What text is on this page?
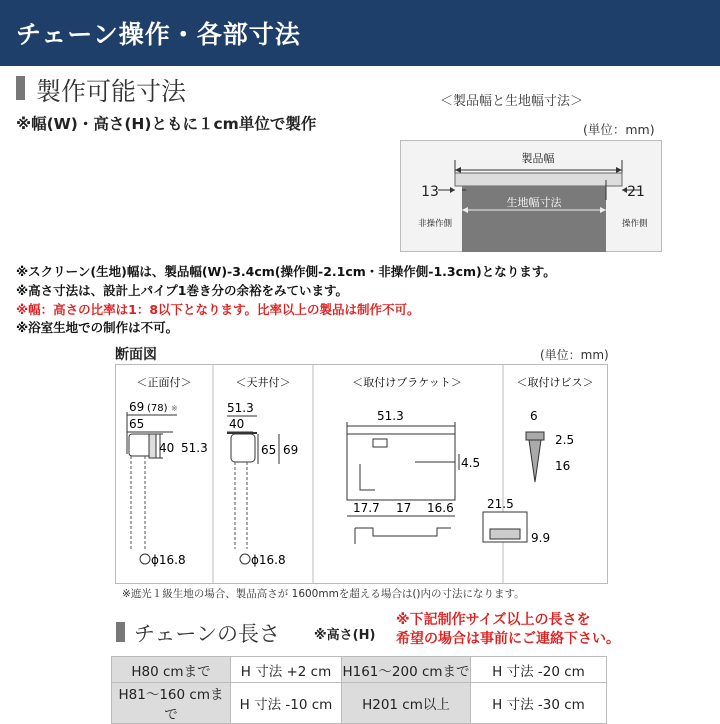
チェーン操作・各部寸法
製作可能寸法
※幅(W)・高さ(H)ともに１cm単位で製作
＜製品幅と生地幅寸法＞
(単位：mm)
製品幅
生地幅寸法
13	21
非操作側	操作側
※スクリーン(生地)幅は、製品幅(W)-3.4cm(操作側-2.1cm・非操作側-1.3cm)となります。
※高さ寸法は、設計上パイプ1巻き分の余裕をみています。
※幅：高さの比率は1：8以下となります。比率以上の製品は制作不可。
※浴室生地での制作は不可。
断面図	(単位：mm)
＜正面付＞
69 (78) ※
65
40 51.3
ϕ16.8
＜天井付＞
51.3
40
65 69
ϕ16.8
＜取付けブラケット＞
51.3
4.5
17.7 17 16.6	21.5
9.9
＜取付けビス＞
6
2.5
16
※遮光１級生地の場合、製品高さが 1600mmを超える場合は()内の寸法になります。
チェーンの長さ	※高さ(H)
※下記制作サイズ以上の長さを
希望の場合は事前にご連絡下さい。
H80 cmまで	H 寸法 +2 cm	H161～200 cmまで	H 寸法 -20 cm
H81～160 cmまで	H 寸法 -10 cm	H201 cm以上	H 寸法 -30 cm
